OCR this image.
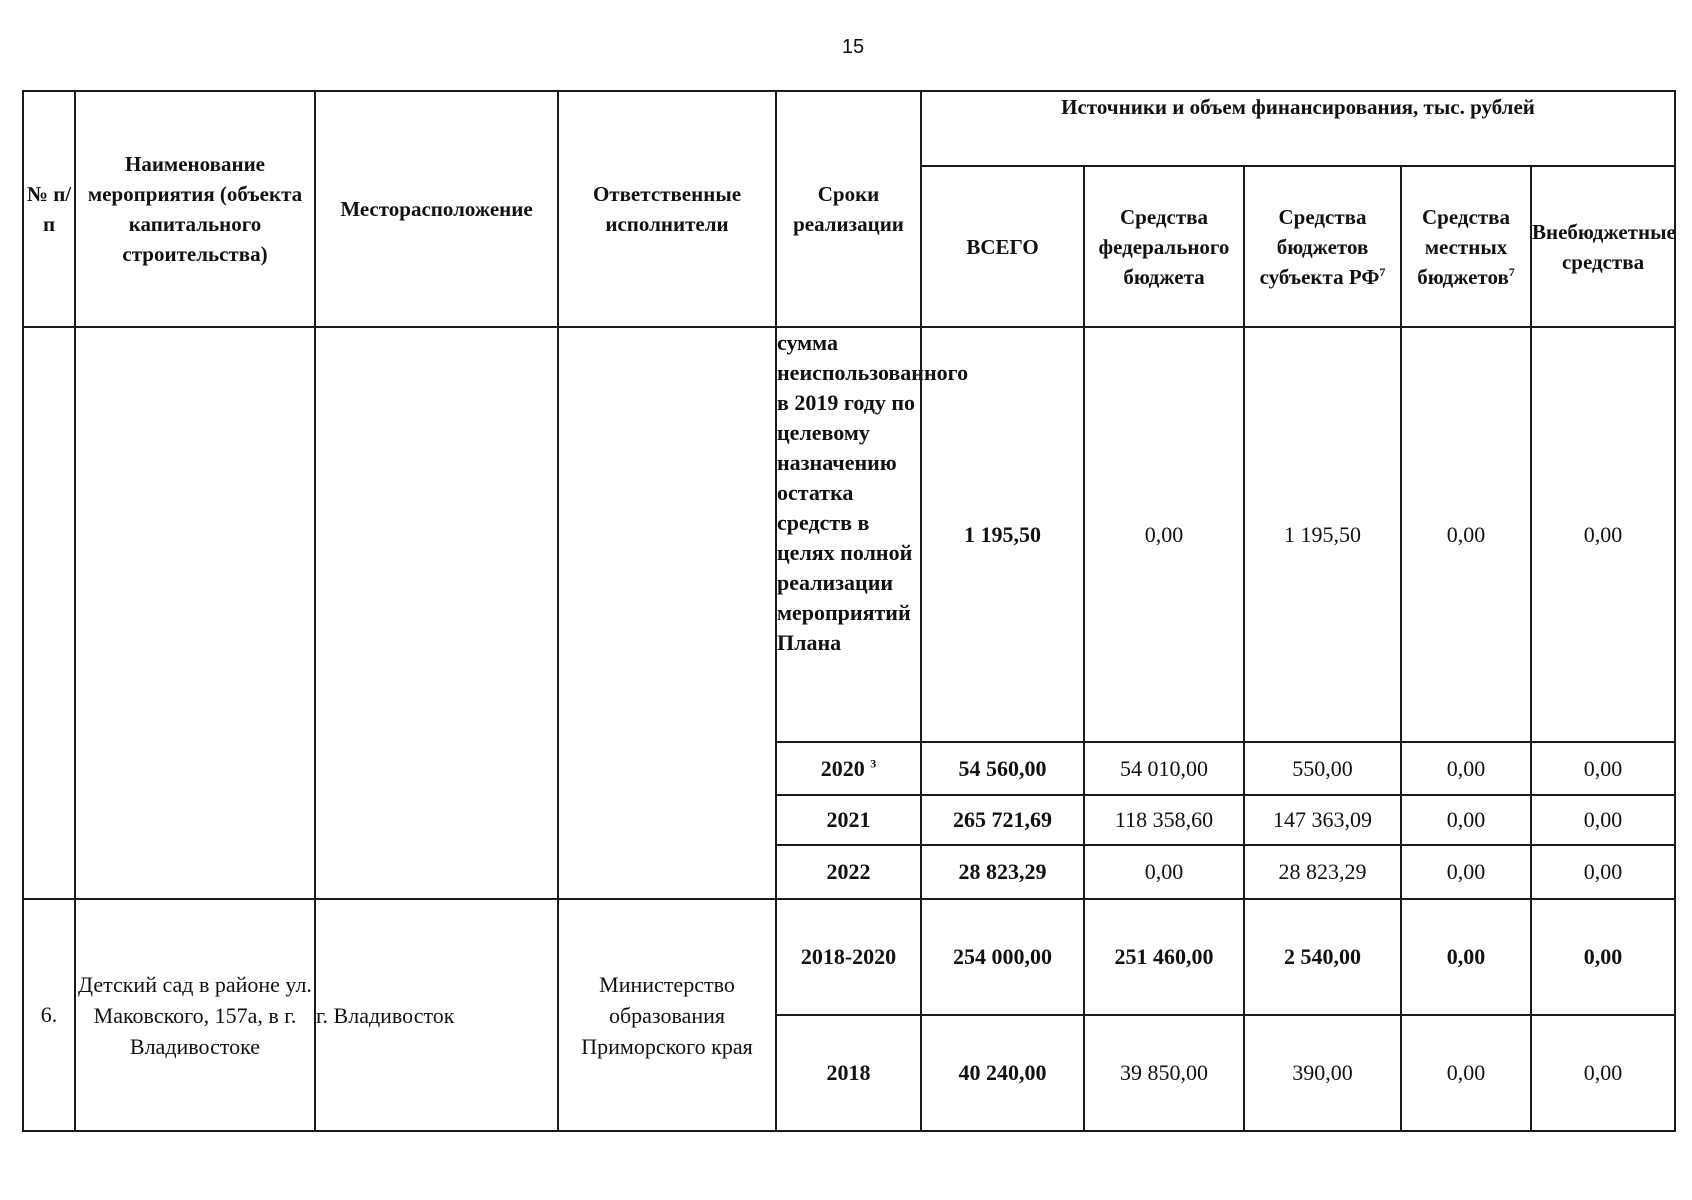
15
№ п/п	Наименование мероприятия (объекта капитального строительства)	Месторасположение	Ответственные исполнители	Сроки реализации	Источники и объем финансирования, тыс. рублей				
					ВСЕГО	Средства федерального бюджета	Средства бюджетов субъекта $РФ^7$	Средства местных бюджетов$^7$	Внебюджетные средства
				сумма неиспользованного в 2019 году по целевому назначению остатка средств в целях полной реализации мероприятий Плана	1 195,50	0,00	1 195,50	0,00	0,00
				2020 $^3$	54 560,00	54 010,00	550,00	0,00	0,00
				2021	265 721,69	118 358,60	147 363,09	0,00	0,00
				2022	28 823,29	0,00	28 823,29	0,00	0,00
6.	Детский сад в районе ул. Маковского, 157а, в г. Владивостоке	г. Владивосток	Министерство образования Приморского края	2018-2020	254 000,00	251 460,00	2 540,00	0,00	0,00
				2018	40 240,00	39 850,00	390,00	0,00	0,00
